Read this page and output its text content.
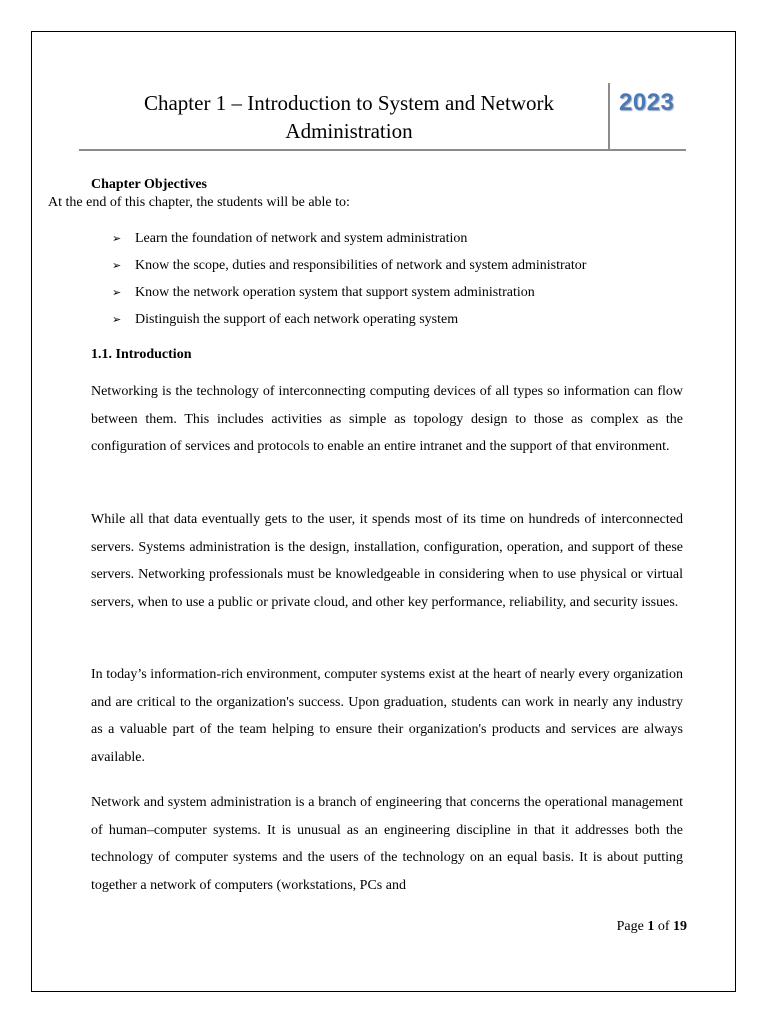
Chapter 1 – Introduction to System and Network
Administration
2023
Chapter Objectives
At the end of this chapter, the students will be able to:
➢ Learn the foundation of network and system administration
➢ Know the scope, duties and responsibilities of network and system administrator
➢ Know the network operation system that support system administration
➢ Distinguish the support of each network operating system
1.1. Introduction

Networking is the technology of interconnecting computing devices of all types so information can flow between them. This includes activities as simple as topology design to those as complex as the configuration of services and protocols to enable an entire intranet and the support of that environment.

While all that data eventually gets to the user, it spends most of its time on hundreds of interconnected servers. Systems administration is the design, installation, configuration, operation, and support of these servers. Networking professionals must be knowledgeable in considering when to use physical or virtual servers, when to use a public or private cloud, and other key performance, reliability, and security issues.

In today’s information-rich environment, computer systems exist at the heart of nearly every organization and are critical to the organization's success. Upon graduation, students can work in nearly any industry as a valuable part of the team helping to ensure their organization's products and services are always available.

Network and system administration is a branch of engineering that concerns the operational management of human–computer systems. It is unusual as an engineering discipline in that it addresses both the technology of computer systems and the users of the technology on an equal basis. It is about putting together a network of computers (workstations, PCs and

Page 1 of 19
